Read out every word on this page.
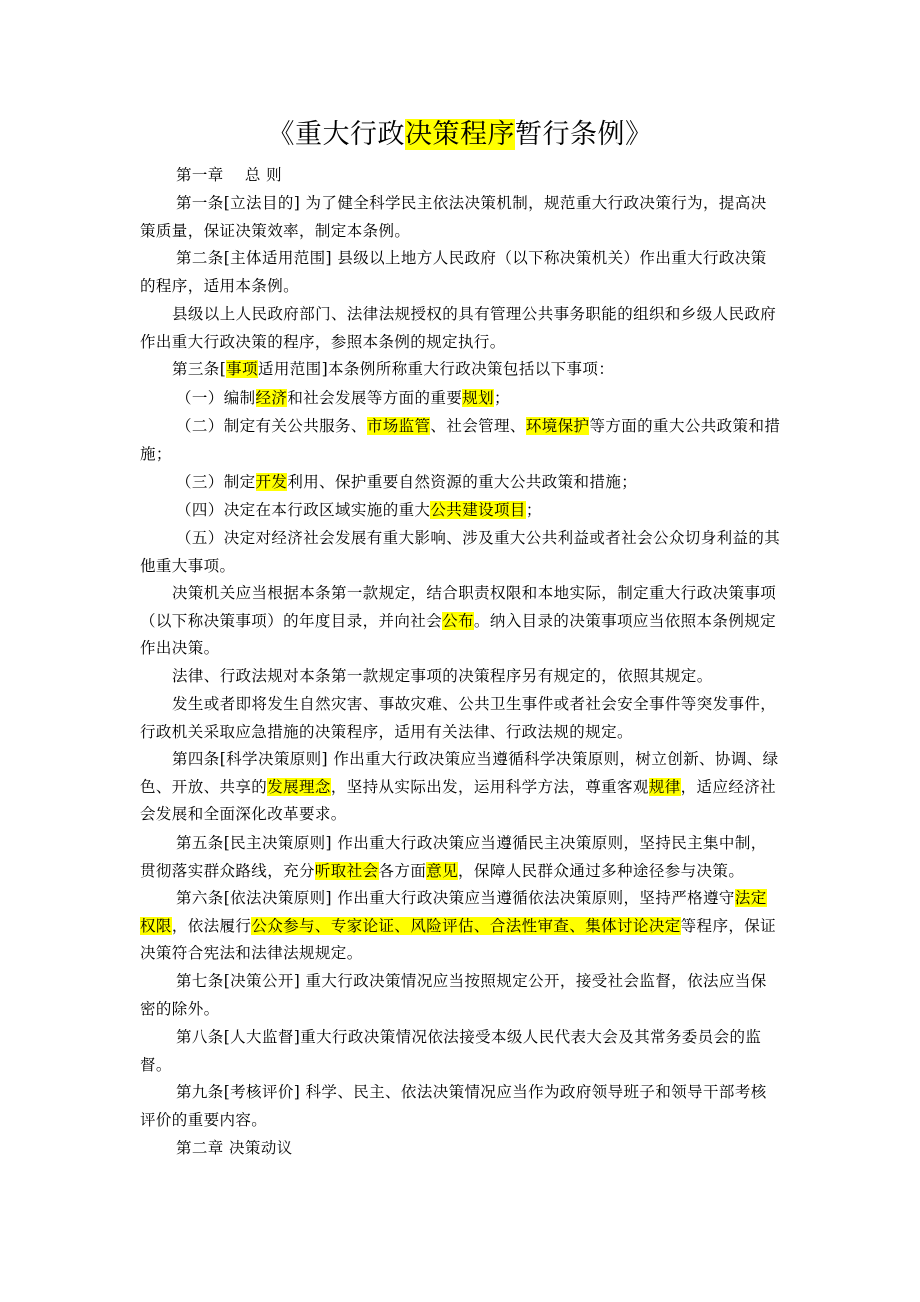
《重大行政决策程序暂行条例》

第一章　 总 则

第一条[立法目的] 为了健全科学民主依法决策机制，规范重大行政决策行为，提高决策质量，保证决策效率，制定本条例。

第二条[主体适用范围] 县级以上地方人民政府（以下称决策机关）作出重大行政决策的程序，适用本条例。

县级以上人民政府部门、法律法规授权的具有管理公共事务职能的组织和乡级人民政府作出重大行政决策的程序，参照本条例的规定执行。

第三条[事项适用范围]本条例所称重大行政决策包括以下事项：

（一）编制经济和社会发展等方面的重要规划；

（二）制定有关公共服务、市场监管、社会管理、环境保护等方面的重大公共政策和措施；

（三）制定开发利用、保护重要自然资源的重大公共政策和措施；

（四）决定在本行政区域实施的重大公共建设项目；

（五）决定对经济社会发展有重大影响、涉及重大公共利益或者社会公众切身利益的其他重大事项。

决策机关应当根据本条第一款规定，结合职责权限和本地实际，制定重大行政决策事项（以下称决策事项）的年度目录，并向社会公布。纳入目录的决策事项应当依照本条例规定作出决策。

法律、行政法规对本条第一款规定事项的决策程序另有规定的，依照其规定。

发生或者即将发生自然灾害、事故灾难、公共卫生事件或者社会安全事件等突发事件，行政机关采取应急措施的决策程序，适用有关法律、行政法规的规定。

第四条[科学决策原则] 作出重大行政决策应当遵循科学决策原则，树立创新、协调、绿色、开放、共享的发展理念，坚持从实际出发，运用科学方法，尊重客观规律，适应经济社会发展和全面深化改革要求。

第五条[民主决策原则] 作出重大行政决策应当遵循民主决策原则，坚持民主集中制，贯彻落实群众路线，充分听取社会各方面意见，保障人民群众通过多种途径参与决策。

第六条[依法决策原则] 作出重大行政决策应当遵循依法决策原则，坚持严格遵守法定权限，依法履行公众参与、专家论证、风险评估、合法性审查、集体讨论决定等程序，保证决策符合宪法和法律法规规定。

第七条[决策公开] 重大行政决策情况应当按照规定公开，接受社会监督，依法应当保密的除外。

第八条[人大监督]重大行政决策情况依法接受本级人民代表大会及其常务委员会的监督。

第九条[考核评价] 科学、民主、依法决策情况应当作为政府领导班子和领导干部考核评价的重要内容。

第二章 决策动议
